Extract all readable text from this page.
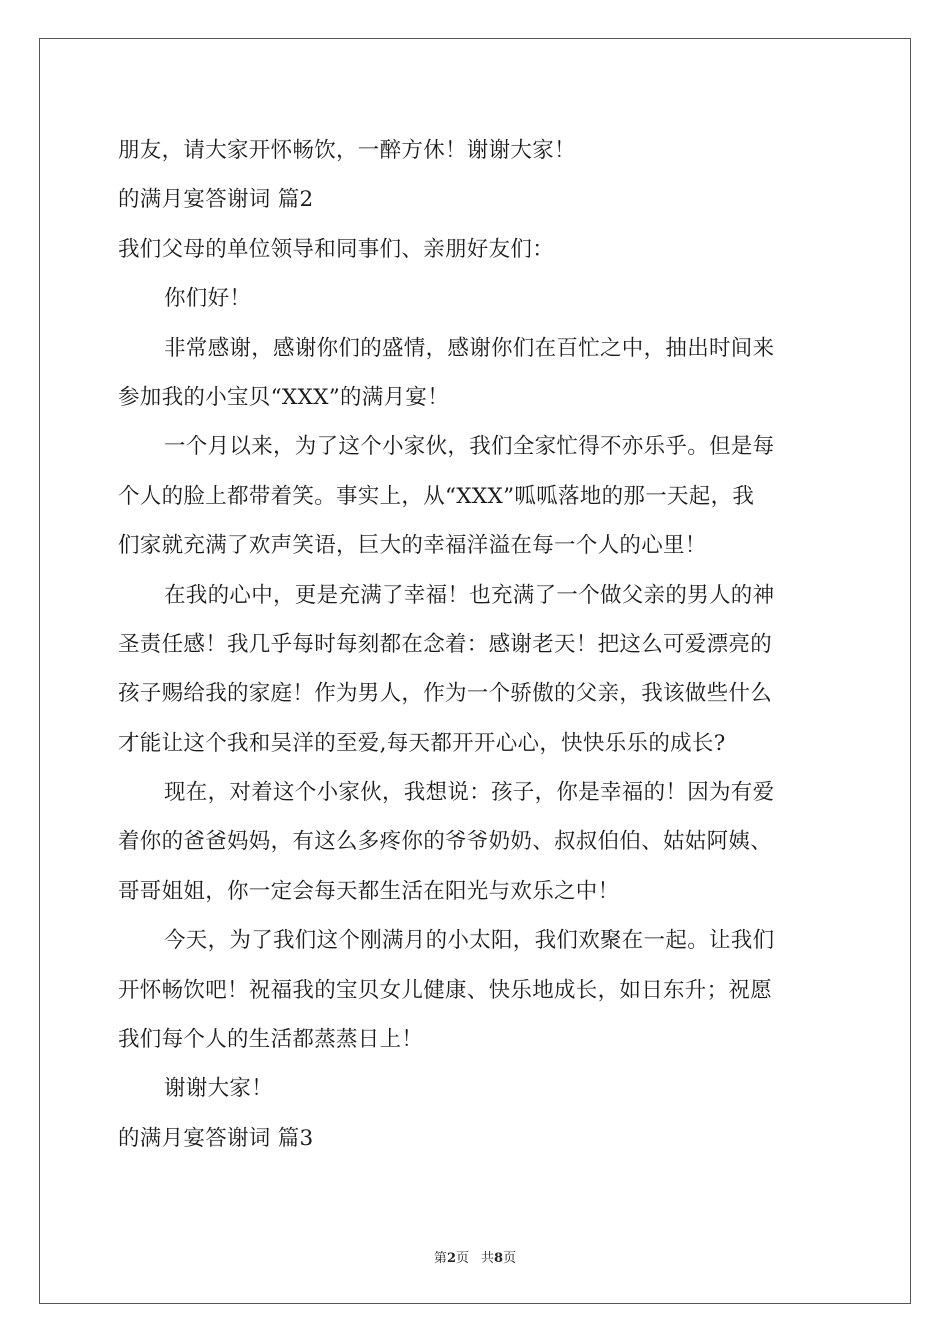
朋友，请大家开怀畅饮，一醉方休！谢谢大家！
的满月宴答谢词 篇2
我们父母的单位领导和同事们、亲朋好友们：
你们好！
非常感谢，感谢你们的盛情，感谢你们在百忙之中，抽出时间来
参加我的小宝贝“XXX”的满月宴！
一个月以来，为了这个小家伙，我们全家忙得不亦乐乎。但是每
个人的脸上都带着笑。事实上，从“XXX”呱呱落地的那一天起，我
们家就充满了欢声笑语，巨大的幸福洋溢在每一个人的心里！
在我的心中，更是充满了幸福！也充满了一个做父亲的男人的神
圣责任感！我几乎每时每刻都在念着：感谢老天！把这么可爱漂亮的
孩子赐给我的家庭！作为男人，作为一个骄傲的父亲，我该做些什么
才能让这个我和吴洋的至爱,每天都开开心心，快快乐乐的成长?
现在，对着这个小家伙，我想说：孩子，你是幸福的！因为有爱
着你的爸爸妈妈，有这么多疼你的爷爷奶奶、叔叔伯伯、姑姑阿姨、
哥哥姐姐，你一定会每天都生活在阳光与欢乐之中！
今天，为了我们这个刚满月的小太阳，我们欢聚在一起。让我们
开怀畅饮吧！祝福我的宝贝女儿健康、快乐地成长，如日东升；祝愿
我们每个人的生活都蒸蒸日上！
谢谢大家！
的满月宴答谢词 篇3
第2页 共8页
